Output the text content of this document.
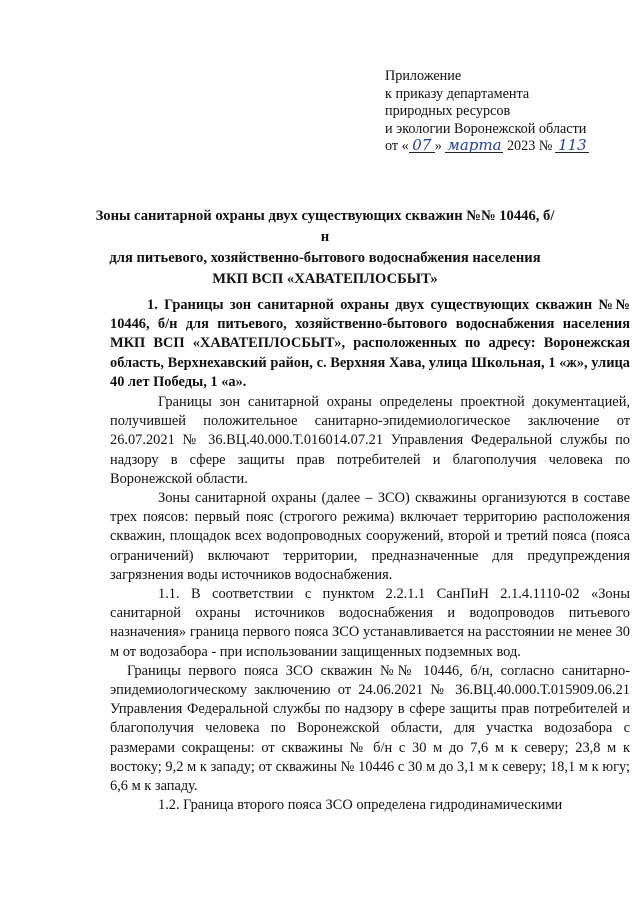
Приложение
к приказу департамента
природных ресурсов
и экологии Воронежской области
от « 07 » марта 2023 № 113
Зоны санитарной охраны двух существующих скважин №№ 10446, б/н
для питьевого, хозяйственно-бытового водоснабжения населения
МКП ВСП «ХАВАТЕПЛОСБЫТ»

1. Границы зон санитарной охраны двух существующих скважин №№ 10446, б/н для питьевого, хозяйственно-бытового водоснабжения населения МКП ВСП «ХАВАТЕПЛОСБЫТ», расположенных по адресу: Воронежская область, Верхнехавский район, с. Верхняя Хава, улица Школьная, 1 «ж», улица 40 лет Победы, 1 «а».

Границы зон санитарной охраны определены проектной документацией, получившей положительное санитарно-эпидемиологическое заключение от 26.07.2021 № 36.ВЦ.40.000.Т.016014.07.21 Управления Федеральной службы по надзору в сфере защиты прав потребителей и благополучия человека по Воронежской области.

Зоны санитарной охраны (далее – ЗСО) скважины организуются в составе трех поясов: первый пояс (строгого режима) включает территорию расположения скважин, площадок всех водопроводных сооружений, второй и третий пояса (пояса ограничений) включают территории, предназначенные для предупреждения загрязнения воды источников водоснабжения.

1.1. В соответствии с пунктом 2.2.1.1 СанПиН 2.1.4.1110-02 «Зоны санитарной охраны источников водоснабжения и водопроводов питьевого назначения» граница первого пояса ЗСО устанавливается на расстоянии не менее 30 м от водозабора - при использовании защищенных подземных вод.

Границы первого пояса ЗСО скважин №№ 10446, б/н, согласно санитарно-эпидемиологическому заключению от 24.06.2021 № 36.ВЦ.40.000.Т.015909.06.21 Управления Федеральной службы по надзору в сфере защиты прав потребителей и благополучия человека по Воронежской области, для участка водозабора с размерами сокращены: от скважины № б/н с 30 м до 7,6 м к северу; 23,8 м к востоку; 9,2 м к западу; от скважины № 10446 с 30 м до 3,1 м к северу; 18,1 м к югу; 6,6 м к западу.

1.2. Граница второго пояса ЗСО определена гидродинамическими
